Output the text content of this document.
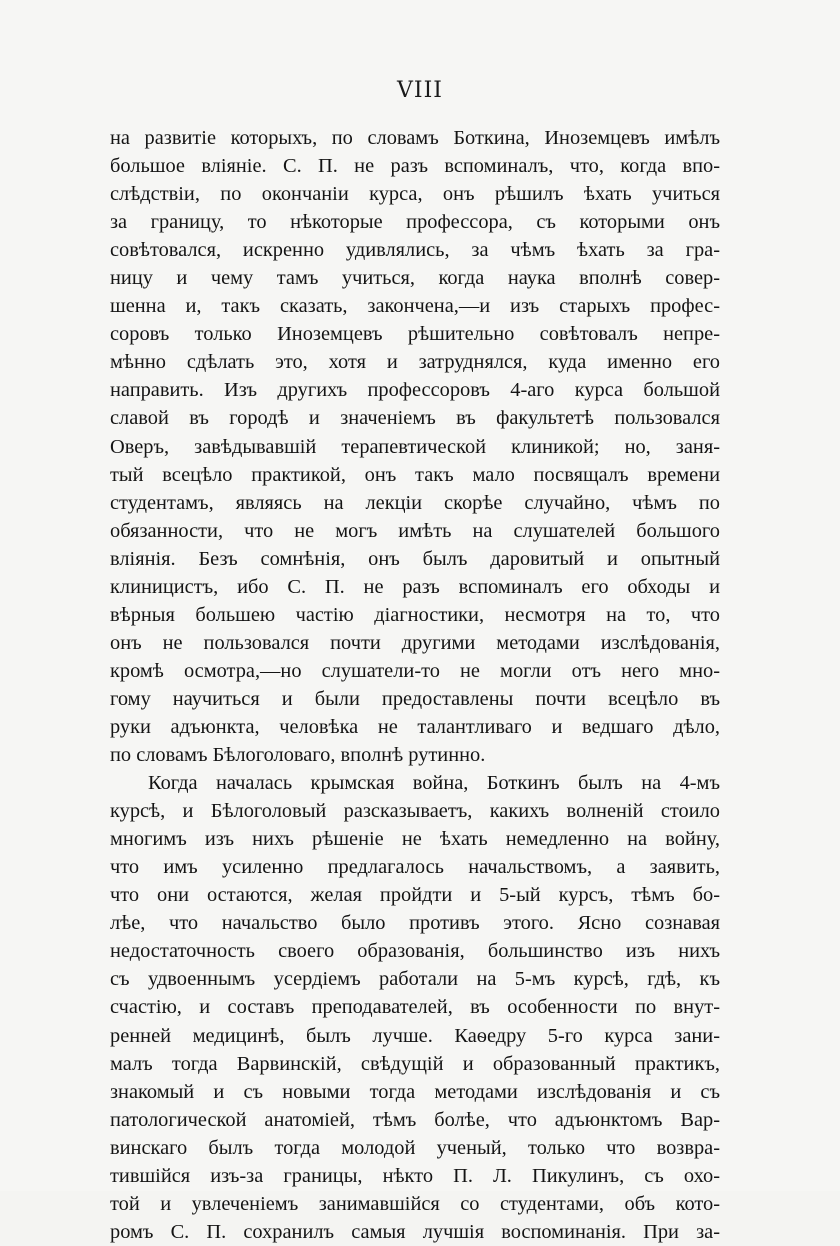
VIII
на развитіе которыхъ, по словамъ Боткина, Иноземцевъ имѣлъ
большое вліяніе. С. П. не разъ вспоминалъ, что, когда впо-
слѣдствіи, по окончаніи курса, онъ рѣшилъ ѣхать учиться
за границу, то нѣкоторые профессора, съ которыми онъ
совѣтовался, искренно удивлялись, за чѣмъ ѣхать за гра-
ницу и чему тамъ учиться, когда наука вполнѣ совер-
шенна и, такъ сказать, закончена,—и изъ старыхъ профес-
соровъ только Иноземцевъ рѣшительно совѣтовалъ непре-
мѣнно сдѣлать это, хотя и затруднялся, куда именно его
направить. Изъ другихъ профессоровъ 4-аго курса большой
славой въ городѣ и значеніемъ въ факультетѣ пользовался
Оверъ, завѣдывавшій терапевтической клиникой; но, заня-
тый всецѣло практикой, онъ такъ мало посвящалъ времени
студентамъ, являясь на лекціи скорѣе случайно, чѣмъ по
обязанности, что не могъ имѣть на слушателей большого
вліянія. Безъ сомнѣнія, онъ былъ даровитый и опытный
клиницистъ, ибо С. П. не разъ вспоминалъ его обходы и
вѣрныя большею частію діагностики, несмотря на то, что
онъ не пользовался почти другими методами изслѣдованія,
кромѣ осмотра,—но слушатели-то не могли отъ него мно-
гому научиться и были предоставлены почти всецѣло въ
руки адъюнкта, человѣка не талантливаго и ведшаго дѣло,
по словамъ Бѣлоголоваго, вполнѣ рутинно.
Когда началась крымская война, Боткинъ былъ на 4-мъ
курсѣ, и Бѣлоголовый разсказываетъ, какихъ волненій стоило
многимъ изъ нихъ рѣшеніе не ѣхать немедленно на войну,
что имъ усиленно предлагалось начальствомъ, а заявить,
что они остаются, желая пройдти и 5-ый курсъ, тѣмъ бо-
лѣе, что начальство было противъ этого. Ясно сознавая
недостаточность своего образованія, большинство изъ нихъ
съ удвоеннымъ усердіемъ работали на 5-мъ курсѣ, гдѣ, къ
счастію, и составъ преподавателей, въ особенности по внут-
ренней медицинѣ, былъ лучше. Каѳедру 5-го курса зани-
малъ тогда Варвинскій, свѣдущій и образованный практикъ,
знакомый и съ новыми тогда методами изслѣдованія и съ
патологической анатоміей, тѣмъ болѣе, что адъюнктомъ Вар-
винскаго былъ тогда молодой ученый, только что возвра-
тившійся изъ-за границы, нѣкто П. Л. Пикулинъ, съ охо-
той и увлеченіемъ занимавшійся со студентами, объ кото-
ромъ С. П. сохранилъ самыя лучшія воспоминанія. При за-
